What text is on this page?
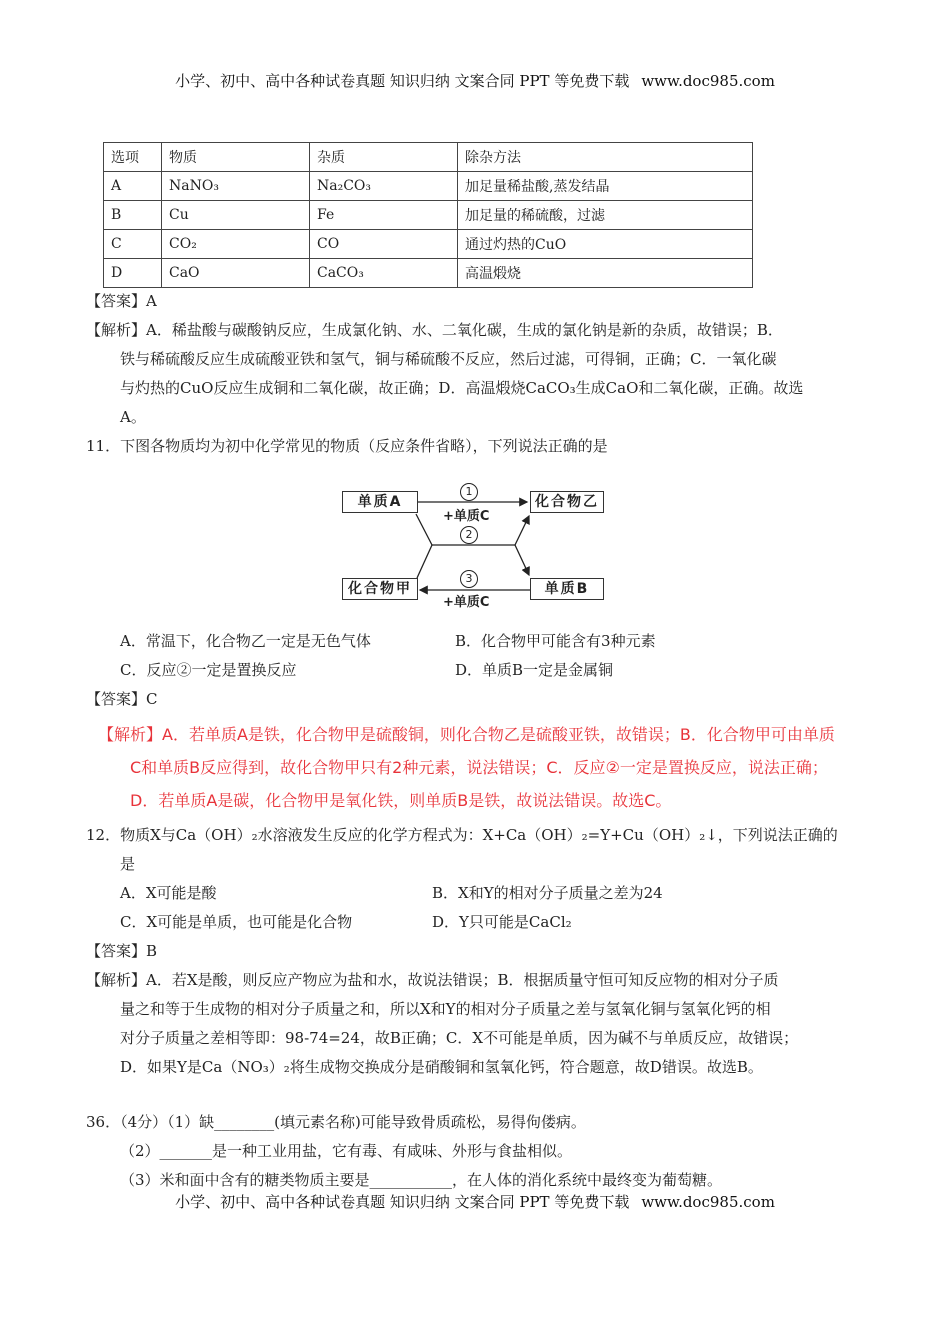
小学、初中、高中各种试卷真题 知识归纳 文案合同 PPT 等免费下载 www.doc985.com
选项	物质	杂质	除杂方法
A	NaNO₃	Na₂CO₃	加足量稀盐酸,蒸发结晶
B	Cu	Fe	加足量的稀硫酸，过滤
C	CO₂	CO	通过灼热的CuO
D	CaO	CaCO₃	高温煅烧
【答案】A
【解析】A．稀盐酸与碳酸钠反应，生成氯化钠、水、二氧化碳，生成的氯化钠是新的杂质，故错误；B．
铁与稀硫酸反应生成硫酸亚铁和氢气，铜与稀硫酸不反应，然后过滤，可得铜，正确；C．一氧化碳
与灼热的CuO反应生成铜和二氧化碳，故正确；D．高温煅烧CaCO₃生成CaO和二氧化碳，正确。故选
A。
11．下图各物质均为初中化学常见的物质（反应条件省略），下列说法正确的是
单质A	化合物乙
化合物甲	单质B
1
+单质C
2
3
+单质C
A．常温下，化合物乙一定是无色气体	B．化合物甲可能含有3种元素
C．反应②一定是置换反应	D．单质B一定是金属铜
【答案】C
【解析】A．若单质A是铁，化合物甲是硫酸铜，则化合物乙是硫酸亚铁，故错误；B．化合物甲可由单质
C和单质B反应得到，故化合物甲只有2种元素，说法错误；C．反应②一定是置换反应，说法正确；
D．若单质A是碳，化合物甲是氧化铁，则单质B是铁，故说法错误。故选C。
12．物质X与Ca（OH）₂水溶液发生反应的化学方程式为：X+Ca（OH）₂=Y+Cu（OH）₂↓，下列说法正确的
是
A．X可能是酸	B．X和Y的相对分子质量之差为24
C．X可能是单质，也可能是化合物	D．Y只可能是CaCl₂
【答案】B
【解析】A．若X是酸，则反应产物应为盐和水，故说法错误；B．根据质量守恒可知反应物的相对分子质
量之和等于生成物的相对分子质量之和，所以X和Y的相对分子质量之差与氢氧化铜与氢氧化钙的相
对分子质量之差相等即：98-74=24，故B正确；C．X不可能是单质，因为碱不与单质反应，故错误；
D．如果Y是Ca（NO₃）₂将生成物交换成分是硝酸铜和氢氧化钙，符合题意，故D错误。故选B。
36．（4分）（1）缺________(填元素名称)可能导致骨质疏松，易得佝偻病。
（2）_______是一种工业用盐，它有毒、有咸味、外形与食盐相似。
（3）米和面中含有的糖类物质主要是___________，在人体的消化系统中最终变为葡萄糖。
小学、初中、高中各种试卷真题 知识归纳 文案合同 PPT 等免费下载 www.doc985.com
